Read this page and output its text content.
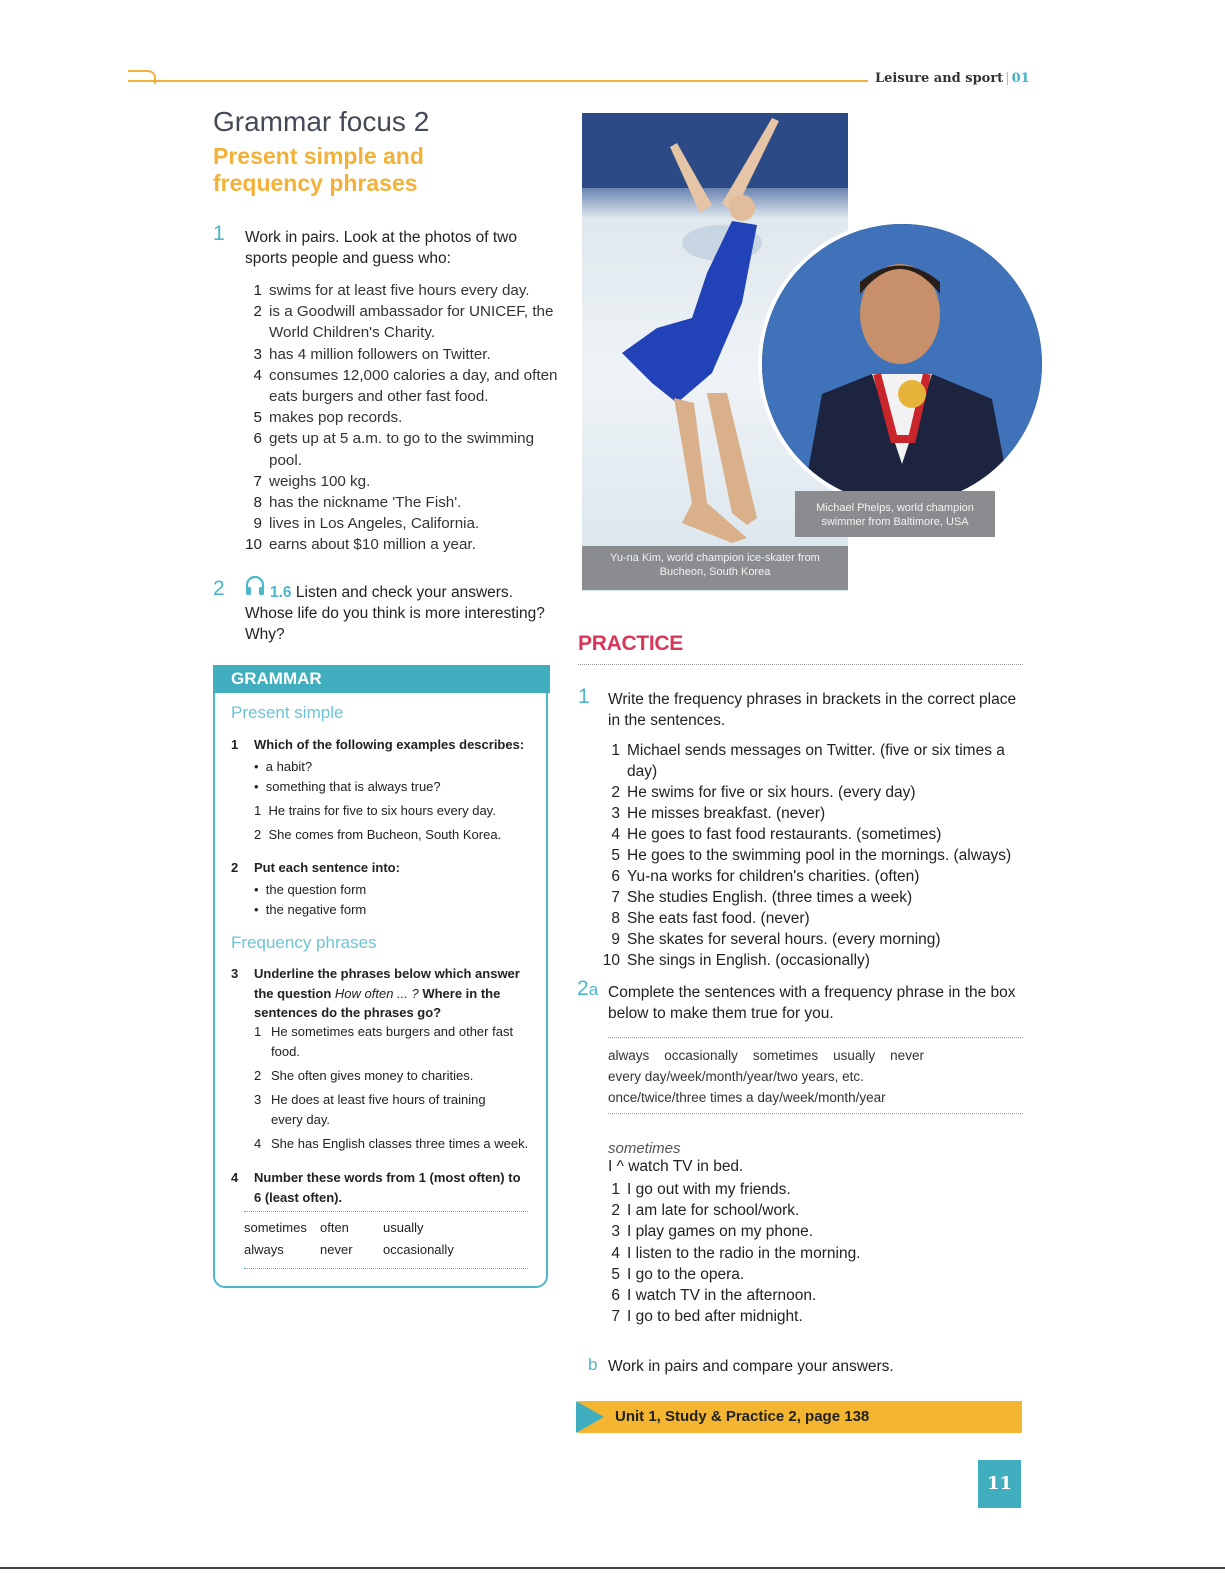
Leisure and sport | 01
Grammar focus 2
Present simple and frequency phrases
1 Work in pairs. Look at the photos of two sports people and guess who:
1 swims for at least five hours every day.
2 is a Goodwill ambassador for UNICEF, the World Children's Charity.
3 has 4 million followers on Twitter.
4 consumes 12,000 calories a day, and often eats burgers and other fast food.
5 makes pop records.
6 gets up at 5 a.m. to go to the swimming pool.
7 weighs 100 kg.
8 has the nickname 'The Fish'.
9 lives in Los Angeles, California.
10 earns about $10 million a year.
2	1.6 Listen and check your answers.
Whose life do you think is more interesting? Why?
Yu-na Kim, world champion ice-skater from Bucheon, South Korea
Michael Phelps, world champion swimmer from Baltimore, USA
GRAMMAR
Present simple
1 Which of the following examples describes:
•  a habit?
•  something that is always true?
1 He trains for five to six hours every day.
2 She comes from Bucheon, South Korea.
2 Put each sentence into:
•  the question form
•  the negative form
Frequency phrases
3 Underline the phrases below which answer the question How often ... ? Where in the sentences do the phrases go?
1 He sometimes eats burgers and other fast food.
2 She often gives money to charities.
3 He does at least five hours of training every day.
4 She has English classes three times a week.
4 Number these words from 1 (most often) to 6 (least often).
sometimes often	usually
always	never occasionally
PRACTICE
1 Write the frequency phrases in brackets in the correct place in the sentences.
1 Michael sends messages on Twitter. (five or six times a day)
2 He swims for five or six hours. (every day)
3 He misses breakfast. (never)
4 He goes to fast food restaurants. (sometimes)
5 He goes to the swimming pool in the mornings. (always)
6 Yu-na works for children's charities. (often)
7 She studies English. (three times a week)
8 She eats fast food. (never)
9 She skates for several hours. (every morning)
10 She sings in English. (occasionally)
2a Complete the sentences with a frequency phrase in the box below to make them true for you.
always occasionally sometimes usually never
every day/week/month/year/two years, etc.
once/twice/three times a day/week/month/year
sometimes
I ^ watch TV in bed.
1 I go out with my friends.
2 I am late for school/work.
3 I play games on my phone.
4 I listen to the radio in the morning.
5 I go to the opera.
6 I watch TV in the afternoon.
7 I go to bed after midnight.
b Work in pairs and compare your answers.
Unit 1, Study & Practice 2, page 138
11
